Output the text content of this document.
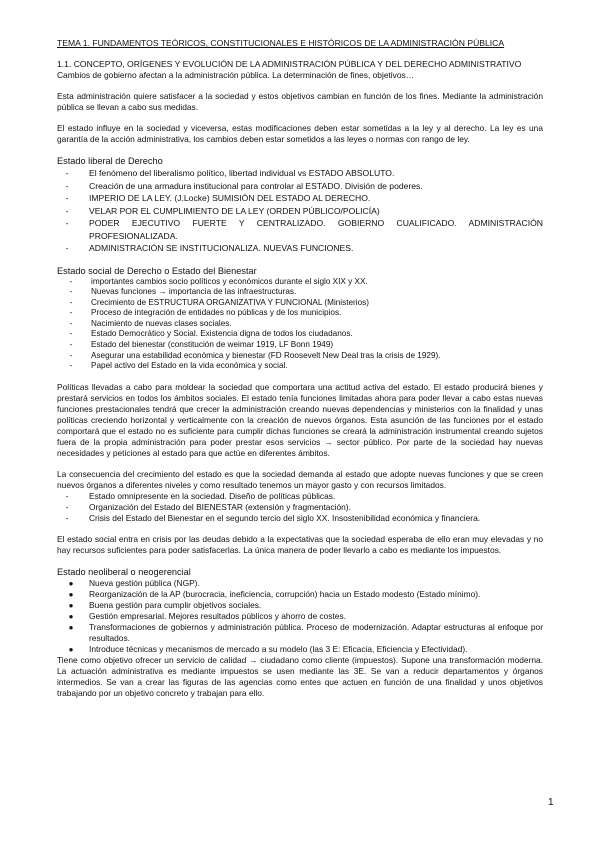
TEMA 1. FUNDAMENTOS TEÓRICOS, CONSTITUCIONALES E HISTÓRICOS DE LA ADMINISTRACIÓN PÚBLICA

1.1. CONCEPTO, ORÍGENES Y EVOLUCIÓN DE LA ADMINISTRACIÓN PÚBLICA Y DEL DERECHO ADMINISTRATIVO

Cambios de gobierno afectan a la administración pública. La determinación de fines, objetivos…

Esta administración quiere satisfacer a la sociedad y estos objetivos cambian en función de los fines. Mediante la administración pública se llevan a cabo sus medidas.

El estado influye en la sociedad y viceversa, estas modificaciones deben estar sometidas a la ley y al derecho. La ley es una garantía de la acción administrativa, los cambios deben estar sometidos a las leyes o normas con rango de ley.

Estado liberal de Derecho

-	El fenómeno del liberalismo político, libertad individual vs ESTADO ABSOLUTO.
-	Creación de una armadura institucional para controlar al ESTADO. División de poderes.
-	IMPERIO DE LA LEY. (J.Locke) SUMISIÓN DEL ESTADO AL DERECHO.
-	VELAR POR EL CUMPLIMIENTO DE LA LEY (ORDEN PÚBLICO/POLICÍA)
-	PODER EJECUTIVO FUERTE Y CENTRALIZADO. GOBIERNO CUALIFICADO. ADMINISTRACIÓN PROFESIONALIZADA.
-	ADMINISTRACIÓN SE INSTITUCIONALIZA. NUEVAS FUNCIONES.

Estado social de Derecho o Estado del Bienestar

-	importantes cambios socio políticos y económicos durante el siglo XIX y XX.
-	Nuevas funciones → importancia de las infraestructuras.
-	Crecimiento de ESTRUCTURA ORGANIZATIVA Y FUNCIONAL (Ministerios)
-	Proceso de integración de entidades no públicas y de los municipios.
-	Nacimiento de nuevas clases sociales.
-	Estado Democrático y Social. Existencia digna de todos los ciudadanos.
-	Estado del bienestar (constitución de weimar 1919, LF Bonn 1949)
-	Asegurar una estabilidad económica y bienestar (FD Roosevelt New Deal tras la crisis de 1929).
-	Papel activo del Estado en la vida económica y social.

Políticas llevadas a cabo para moldear la sociedad que comportara una actitud activa del estado. El estado producirá bienes y prestará servicios en todos los ámbitos sociales. El estado tenía funciones limitadas ahora para poder llevar a cabo estas nuevas funciones prestacionales tendrá que crecer la administración creando nuevas dependencias y ministerios con la finalidad y unas políticas creciendo horizontal y verticalmente con la creación de nuevos órganos. Esta asunción de las funciones por el estado comportará que el estado no es suficiente para cumplir dichas funciones se creará la administración instrumental creando sujetos fuera de la propia administración para poder prestar esos servicios → sector público. Por parte de la sociedad hay nuevas necesidades y peticiones al estado para que actúe en diferentes ámbitos.

La consecuencia del crecimiento del estado es que la sociedad demanda al estado que adopte nuevas funciones y que se creen nuevos órganos a diferentes niveles y como resultado tenemos un mayor gasto y con recursos limitados.

-	Estado omnipresente en la sociedad. Diseño de políticas públicas.
-	Organización del Estado del BIENESTAR (extensión y fragmentación).
-	Crisis del Estado del Bienestar en el segundo tercio del siglo XX. Insostenibilidad económica y financiera.

El estado social entra en crisis por las deudas debido a la expectativas que la sociedad esperaba de ello eran muy elevadas y no hay recursos suficientes para poder satisfacerlas. La única manera de poder llevarlo a cabo es mediante los impuestos.

Estado neoliberal o neogerencial

●	Nueva gestión pública (NGP).
●	Reorganización de la AP (burocracia, ineficiencia, corrupción) hacia un Estado modesto (Estado mínimo).
●	Buena gestión para cumplir objetivos sociales.
●	Gestión empresarial. Mejores resultados públicos y ahorro de costes.
●	Transformaciones de gobiernos y administración pública. Proceso de modernización. Adaptar estructuras al enfoque por resultados.
●	Introduce técnicas y mecanismos de mercado a su modelo (las 3 E: Eficacia, Eficiencia y Efectividad).

Tiene como objetivo ofrecer un servicio de calidad → ciudadano como cliente (impuestos). Supone una transformación moderna. La actuación administrativa es mediante impuestos se usen mediante las 3E. Se van a reducir departamentos y órganos intermedios. Se van a crear las figuras de las agencias como entes que actuen en función de una finalidad y unos objetivos trabajando por un objetivo concreto y trabajan para ello.

1
